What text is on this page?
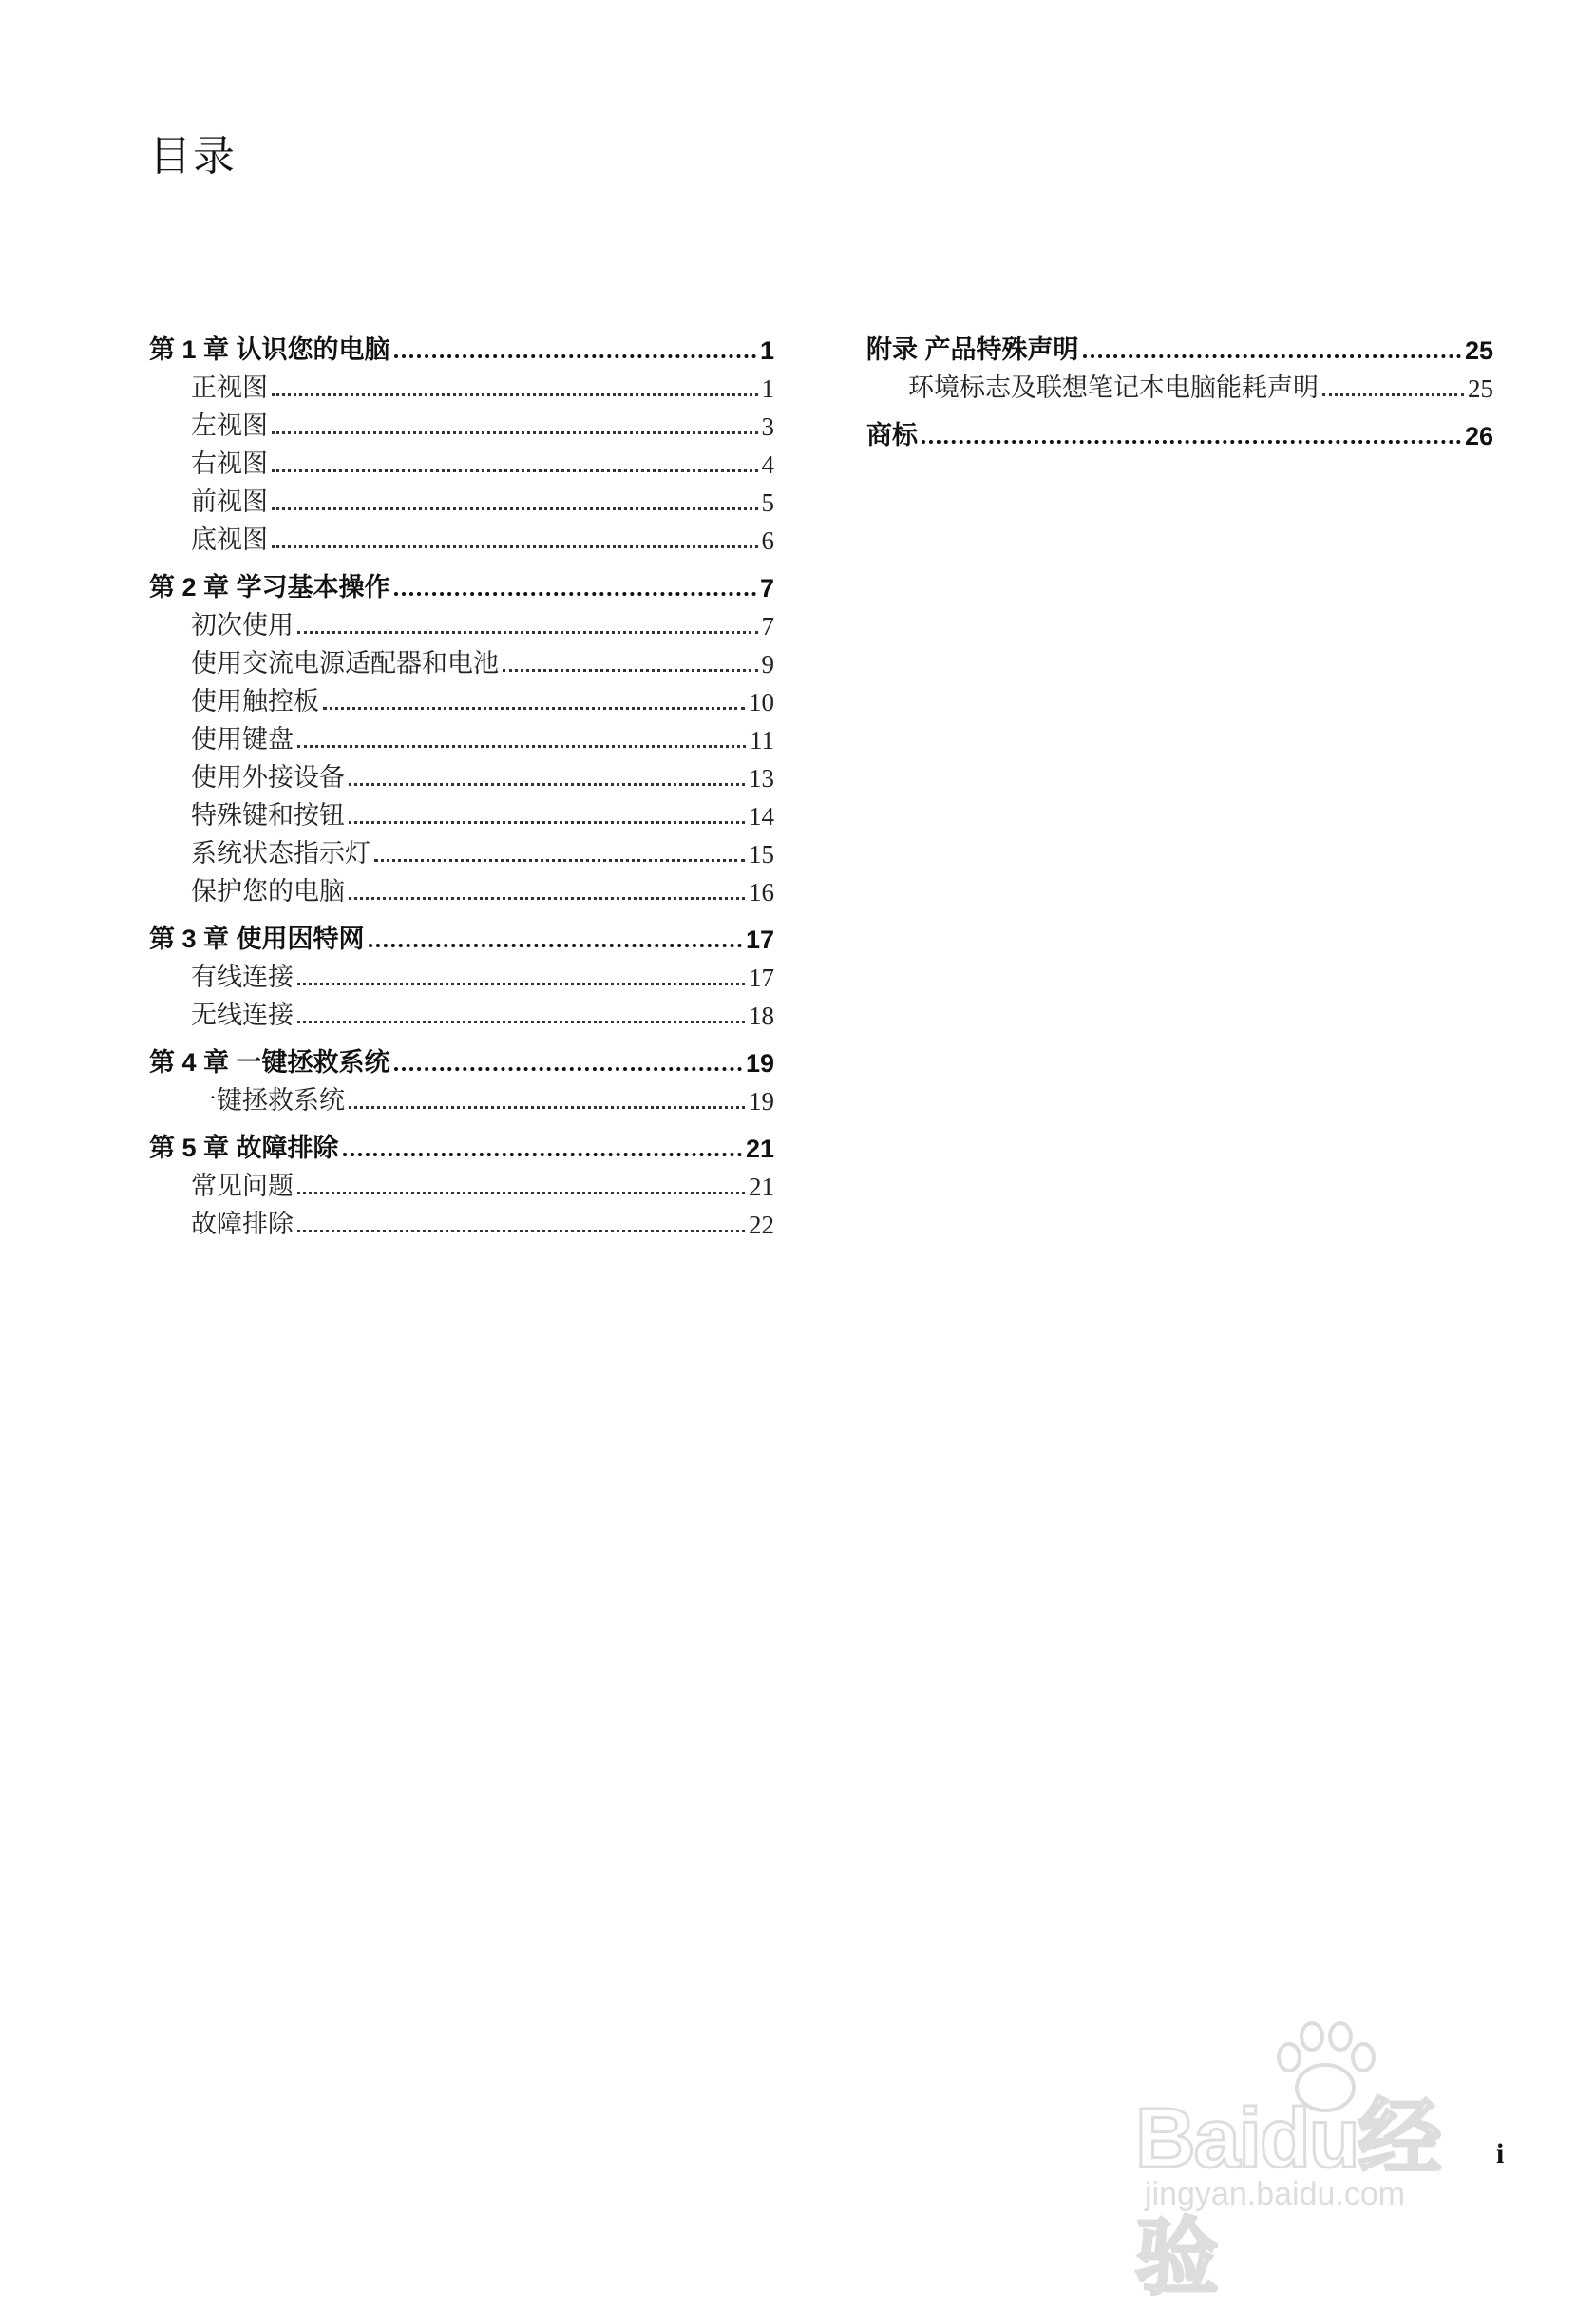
目录
第 1 章 认识您的电脑	1
正视图	1
左视图	3
右视图	4
前视图	5
底视图	6
第 2 章 学习基本操作	7
初次使用	7
使用交流电源适配器和电池	9
使用触控板	10
使用键盘	11
使用外接设备	13
特殊键和按钮	14
系统状态指示灯	15
保护您的电脑	16
第 3 章 使用因特网	17
有线连接	17
无线连接	18
第 4 章 一键拯救系统	19
一键拯救系统	19
第 5 章 故障排除	21
常见问题	21
故障排除	22
附录 产品特殊声明	25
环境标志及联想笔记本电脑能耗声明	25
商标	26
Baidu经验
jingyan.baidu.com
i
